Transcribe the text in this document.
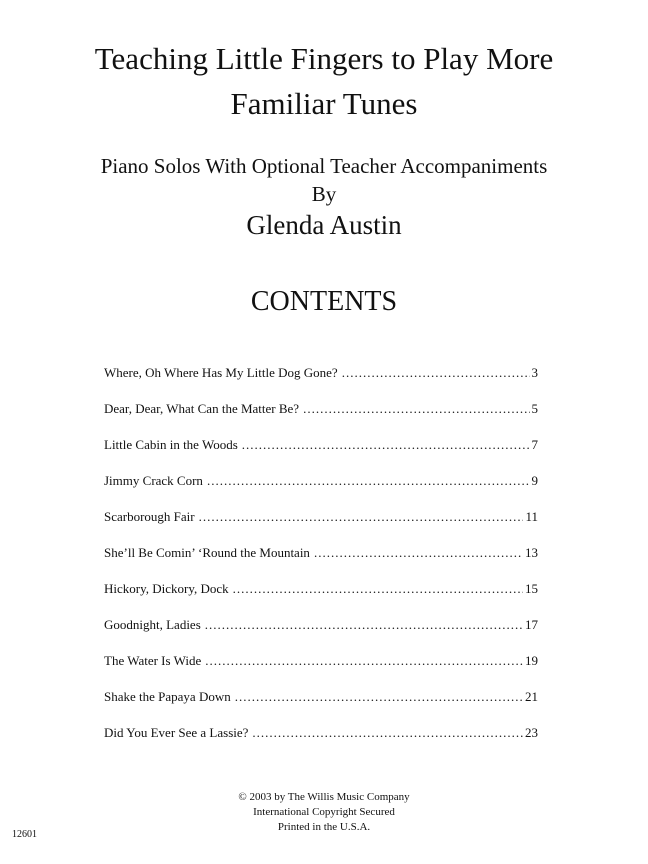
Teaching Little Fingers to Play More
Familiar Tunes
Piano Solos With Optional Teacher Accompaniments
By
Glenda Austin
CONTENTS
Where, Oh Where Has My Little Dog Gone? .....	3
Dear, Dear, What Can the Matter Be? .....	5
Little Cabin in the Woods .....	7
Jimmy Crack Corn .....	9
Scarborough Fair .....	11
She’ll Be Comin’ ‘Round the Mountain .....	13
Hickory, Dickory, Dock .....	15
Goodnight, Ladies .....	17
The Water Is Wide .....	19
Shake the Papaya Down .....	21
Did You Ever See a Lassie? .....	23
© 2003 by The Willis Music Company
International Copyright Secured
Printed in the U.S.A.
12601
